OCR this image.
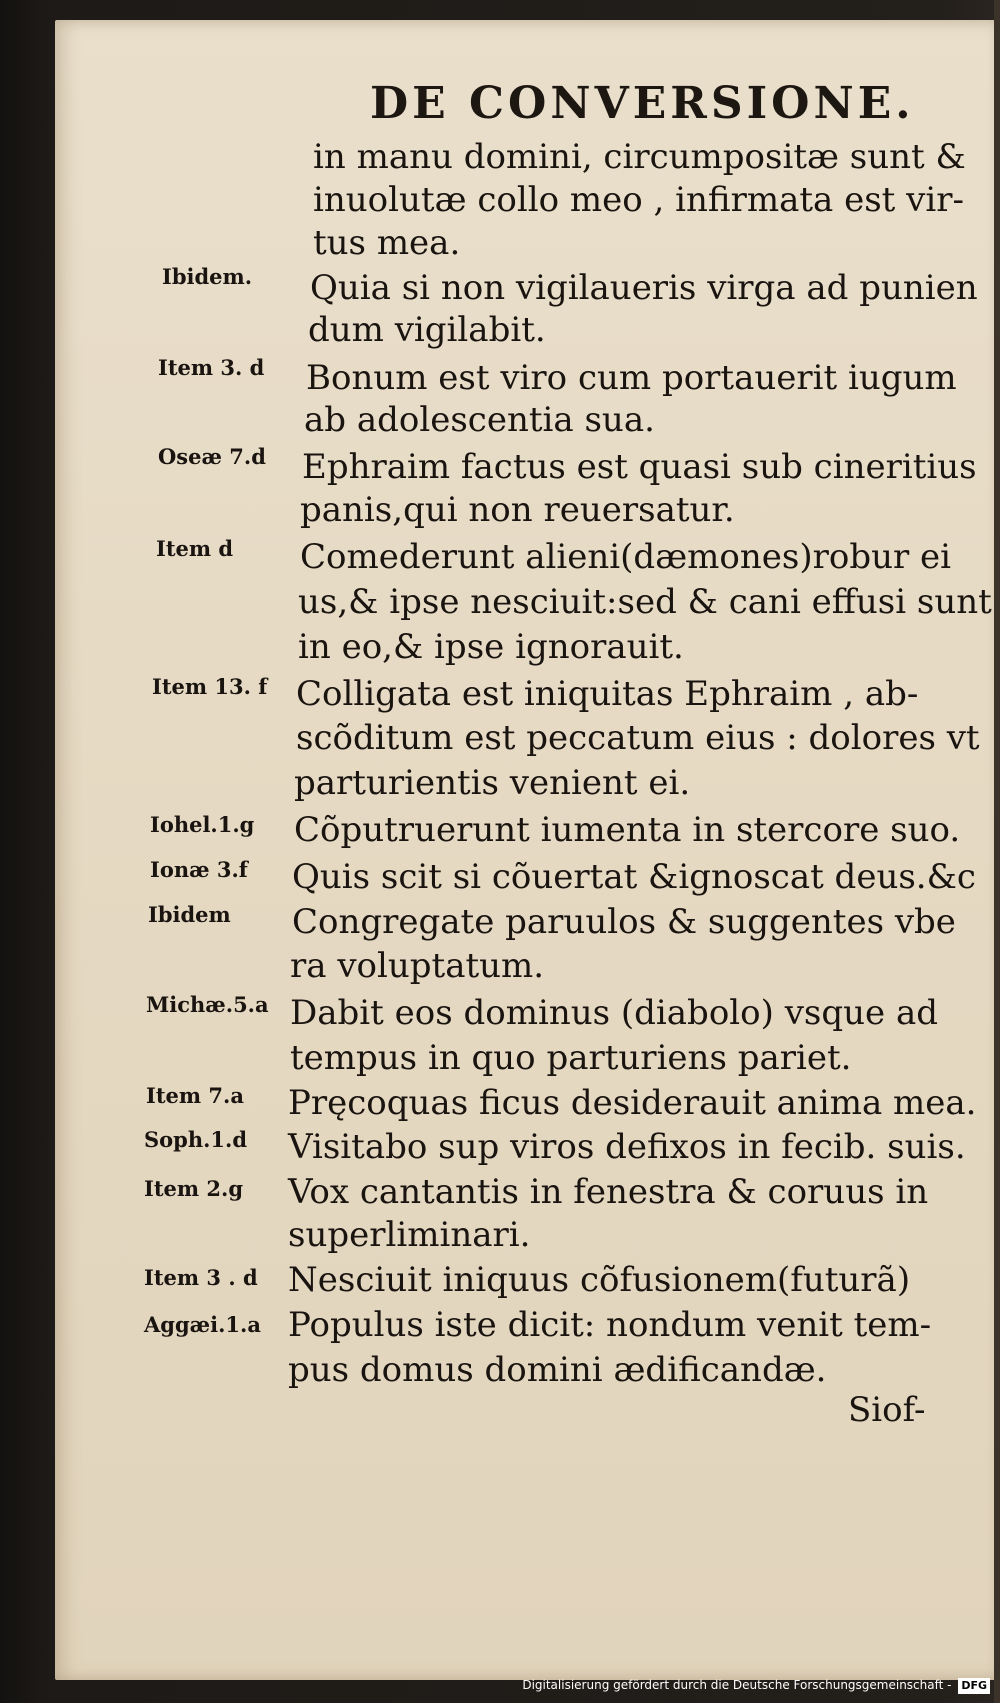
DE CONVERSIONE.
in manu domini, circumpositæ sunt &
inuolutæ collo meo , infirmata est vir-
tus mea.
Quia si non vigilaueris virga ad punien
dum vigilabit.
Bonum est viro cum portauerit iugum
ab adolescentia sua.
Ephraim factus est quasi sub cineritius
panis,qui non reuersatur.
Comederunt alieni(dæmones)robur ei
us,& ipse nesciuit:sed & cani effusi sunt
in eo,& ipse ignorauit.
Colligata est iniquitas Ephraim , ab-
scõditum est peccatum eius : dolores vt
parturientis venient ei.
Cõputruerunt iumenta in stercore suo.
Quis scit si cõuertat &ignoscat deus.&c
Congregate paruulos & suggentes vbe
ra voluptatum.
Dabit eos dominus (diabolo) vsque ad
tempus in quo parturiens pariet.
Pręcoquas ficus desiderauit anima mea.
Visitabo sup viros defixos in fecib. suis.
Vox cantantis in fenestra & coruus in
superliminari.
Nesciuit iniquus cõfusionem(futurã)
Populus iste dicit: nondum venit tem-
pus domus domini ædificandæ.
Ibidem.
Item 3. d
Oseæ 7.d
Item d
Item 13. f
Iohel.1.g
Ionæ 3.f
Ibidem
Michæ.5.a
Item 7.a
Soph.1.d
Item 2.g
Item 3 . d
Aggæi.1.a
Siof-
Digitalisierung gefördert durch die Deutsche Forschungsgemeinschaft - DFG
